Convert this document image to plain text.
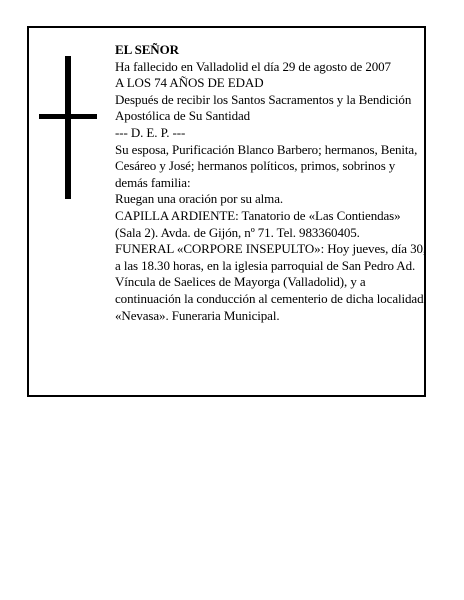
EL SEÑOR

Ha fallecido en Valladolid el día 29 de agosto de 2007

A LOS 74 AÑOS DE EDAD

Después de recibir los Santos Sacramentos y la Bendición Apostólica de Su Santidad

--- D. E. P. ---

Su esposa, Purificación Blanco Barbero; hermanos, Benita, Cesáreo y José; hermanos políticos, primos, sobrinos y demás familia:

Ruegan una oración por su alma.

CAPILLA ARDIENTE: Tanatorio de «Las Contiendas» (Sala 2). Avda. de Gijón, nº 71. Tel. 983360405.

FUNERAL «CORPORE INSEPULTO»: Hoy jueves, día 30, a las 18.30 horas, en la iglesia parroquial de San Pedro Ad. Víncula de Saelices de Mayorga (Valladolid), y a continuación la conducción al cementerio de dicha localidad.

«Nevasa». Funeraria Municipal.
